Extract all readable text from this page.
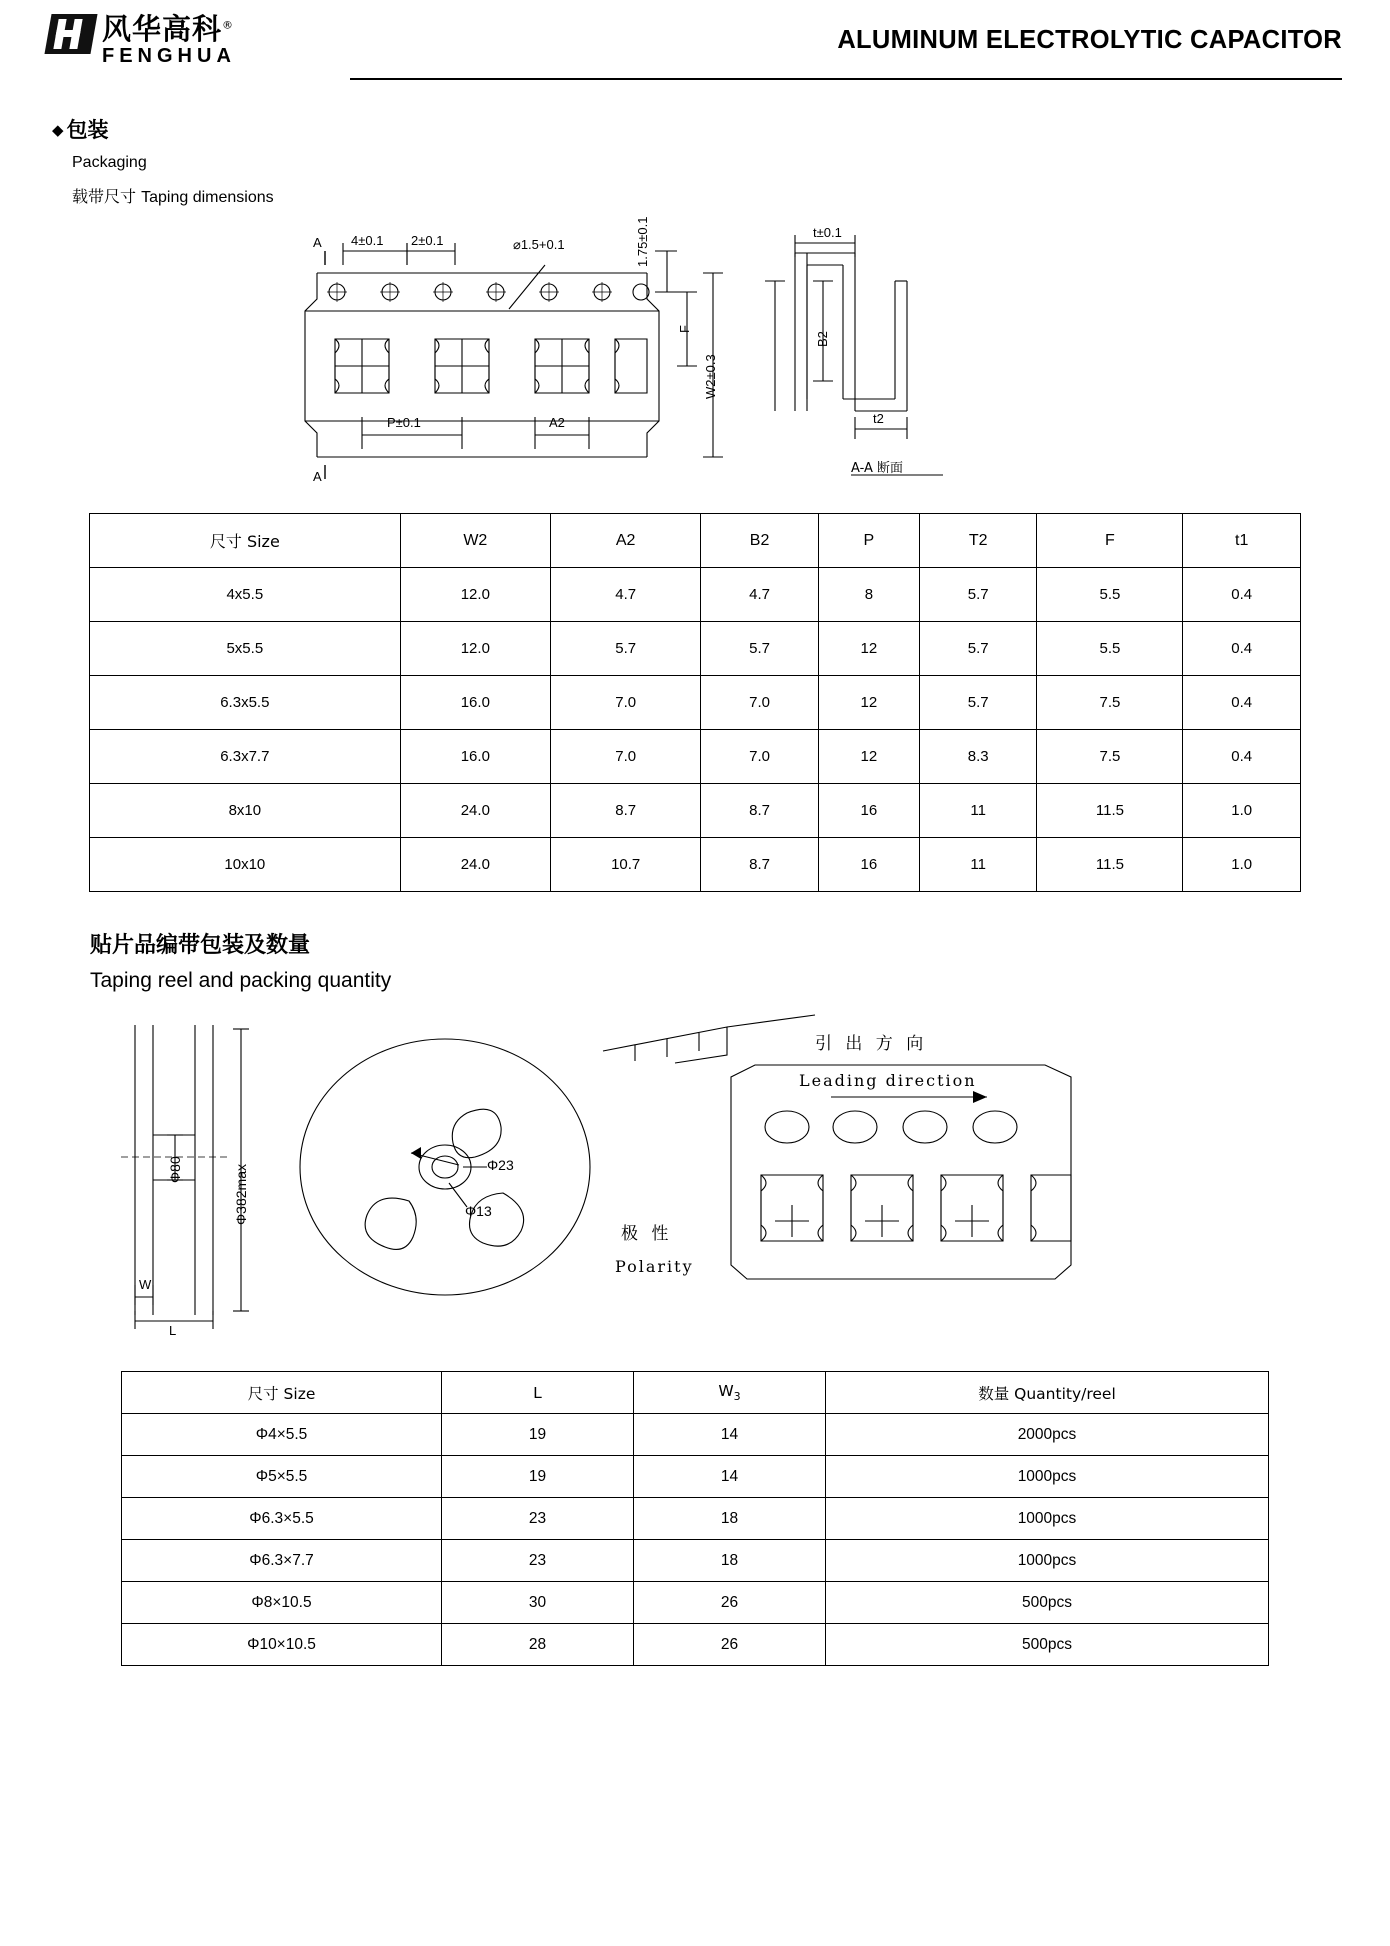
风华高科®
FENGHUA
ALUMINUM ELECTROLYTIC CAPACITOR
◆ 包装
Packaging
载带尺寸 Taping dimensions
A
A
4±0.1 2±0.1	⌀1.5+0.1	1.75±0.1
F
W2±0.3
P±0.1	A2
t±0.1
B2
t2
A-A 断面
尺寸 Size	W2	A2	B2	P	T2	F	t1
4x5.5	12.0	4.7	4.7	8	5.7	5.5	0.4
5x5.5	12.0	5.7	5.7	12	5.7	5.5	0.4
6.3x5.5	16.0	7.0	7.0	12	5.7	7.5	0.4
6.3x7.7	16.0	7.0	7.0	12	8.3	7.5	0.4
8x10	24.0	8.7	8.7	16	11	11.5	1.0
10x10	24.0	10.7	8.7	16	11	11.5	1.0
贴片品编带包装及数量
Taping reel and packing quantity
Φ80	Φ382max
W
L
Φ23
Φ13
引 出 方 向
Leading direction
极 性
Polarity
尺寸 Size	L	$W_3$	数量 Quantity/reel
Φ4×5.5	19	14	2000pcs
Φ5×5.5	19	14	1000pcs
Φ6.3×5.5	23	18	1000pcs
Φ6.3×7.7	23	18	1000pcs
Φ8×10.5	30	26	500pcs
Φ10×10.5	28	26	500pcs
